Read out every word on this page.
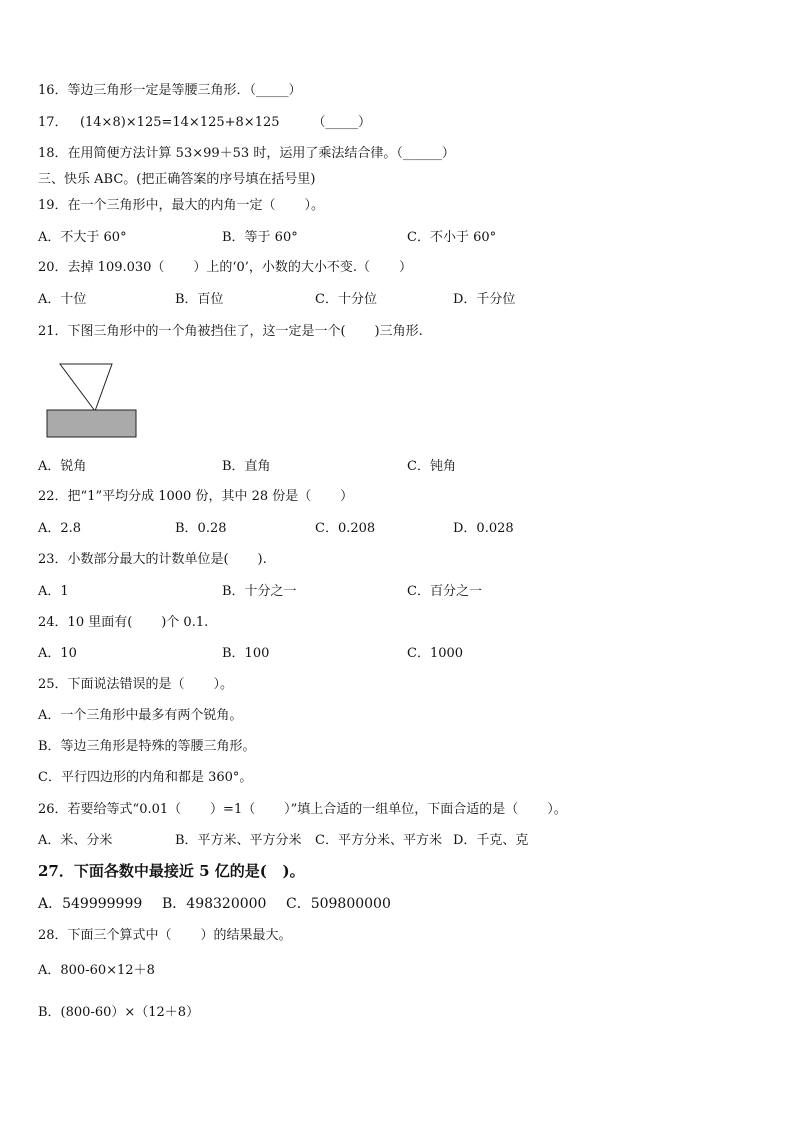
16．等边三角形一定是等腰三角形．（_____）
17．   (14×8)×125=14×125+8×125        （_____）
18．在用简便方法计算 53×99＋53 时，运用了乘法结合律。（______）
三、快乐 ABC。(把正确答案的序号填在括号里)
19．在一个三角形中，最大的内角一定（       ）。
A．不大于 60°	B．等于 60°	C．不小于 60°
20．去掉 109.030（       ）上的‘0’，小数的大小不变.（       ）
A．十位	B．百位	C．十分位	D．千分位
21．下图三角形中的一个角被挡住了，这一定是一个(       )三角形.
A．锐角	B．直角	C．钝角
22．把“1”平均分成 1000 份，其中 28 份是（       ）
A．2.8	B．0.28	C．0.208	D．0.028
23．小数部分最大的计数单位是(       ).
A．1	B．十分之一	C．百分之一
24．10 里面有(       )个 0.1.
A．10	B．100	C．1000
25．下面说法错误的是（       ）。
A．一个三角形中最多有两个锐角。
B．等边三角形是特殊的等腰三角形。
C．平行四边形的内角和都是 360°。
26．若要给等式“0.01（       ）=1（       ）”填上合适的一组单位，下面合适的是（       ）。
A．米、分米	B．平方米、平方分米 C．平方分米、平方米 D．千克、克
27．下面各数中最接近 5 亿的是(   )。
A．549999999 B．498320000 C．509800000
28．下面三个算式中（       ）的结果最大。
A．800-60×12＋8
B．(800-60）×（12＋8）
